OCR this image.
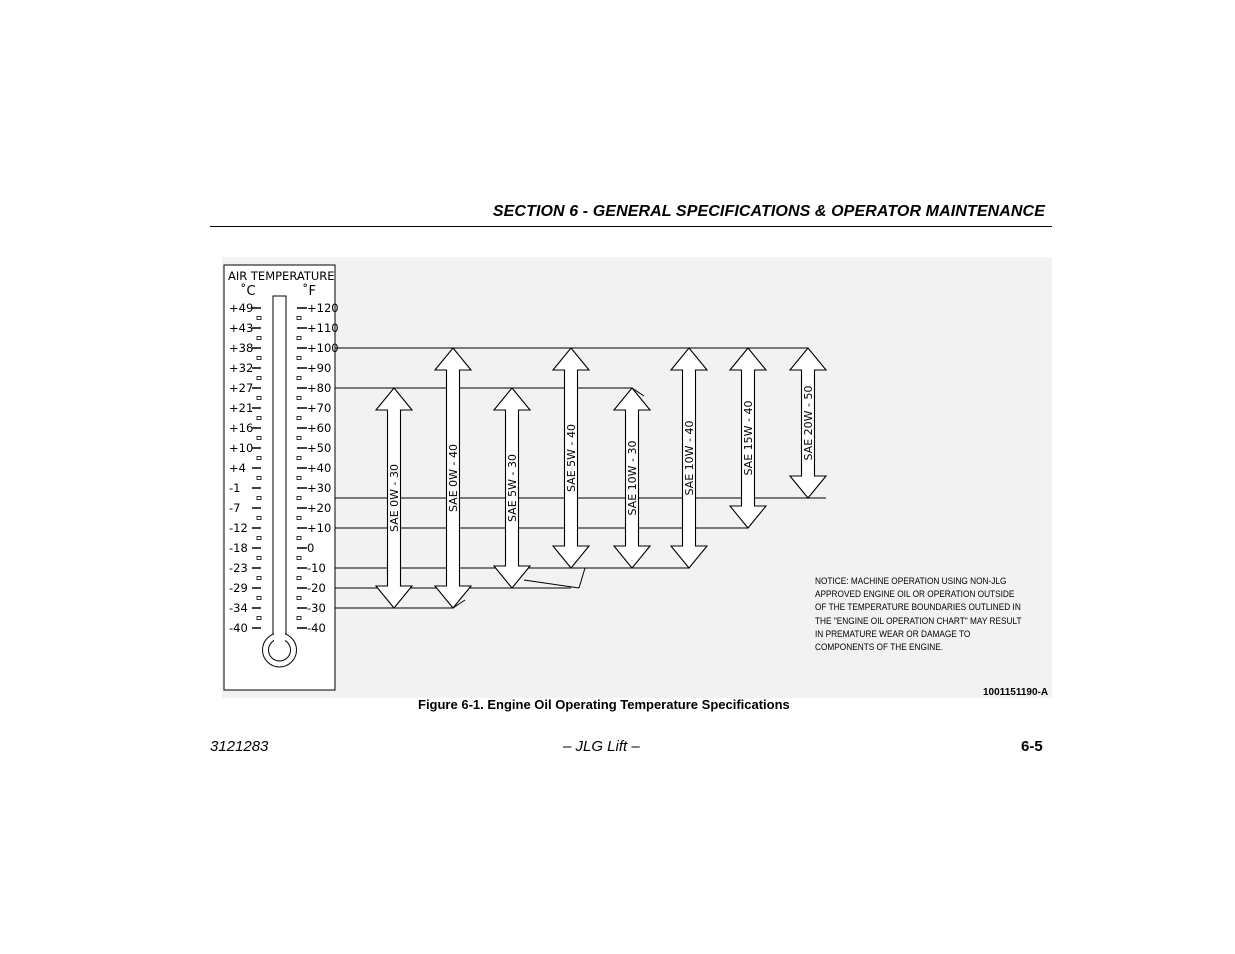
SECTION 6 - GENERAL SPECIFICATIONS & OPERATOR MAINTENANCE
AIR TEMPERATURE
˚C	˚F
+49	+120
+43	+110
+38	+100
+32	+90
+27	+80
+21	+70
+16	+60
+10	+50
+4	+40
-1	+30
-7	+20
-12	+10
-18	0
-23	-10
-29	-20
-34	-30
-40	-40
SAE 0W - 30	SAE 0W - 40	SAE 5W - 30	SAE 5W - 40	SAE 10W - 30	SAE 10W - 40	SAE 15W - 40	SAE 20W - 50
NOTICE: MACHINE OPERATION USING NON-JLG
APPROVED ENGINE OIL OR OPERATION OUTSIDE
OF THE TEMPERATURE BOUNDARIES OUTLINED IN
THE "ENGINE OIL OPERATION CHART" MAY RESULT
IN PREMATURE WEAR OR DAMAGE TO
COMPONENTS OF THE ENGINE.
1001151190-A
Figure 6-1. Engine Oil Operating Temperature Specifications
3121283	– JLG Lift –	6-5
